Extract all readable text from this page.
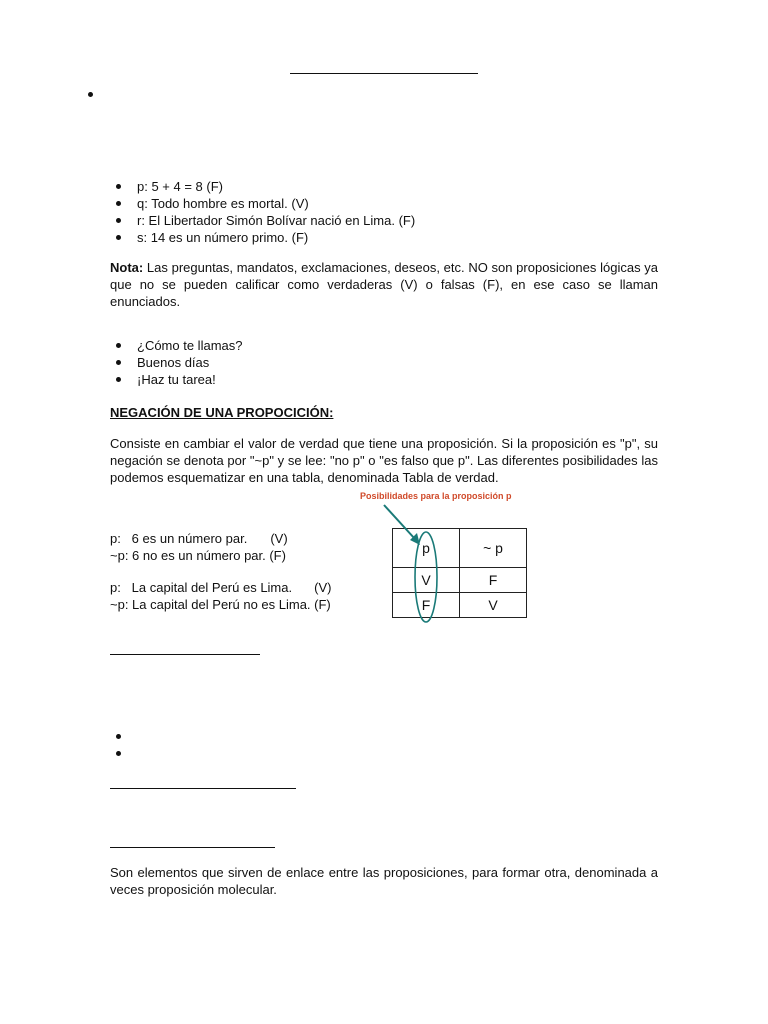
p: 5 + 4 = 8 (F)
q: Todo hombre es mortal. (V)
r: El Libertador Simón Bolívar nació en Lima. (F)
s: 14 es un número primo. (F)
Nota: Las preguntas, mandatos, exclamaciones, deseos, etc. NO son proposiciones lógicas ya que no se pueden calificar como verdaderas (V) o falsas (F), en ese caso se llaman enunciados.
¿Cómo te llamas?
Buenos días
¡Haz tu tarea!
NEGACIÓN DE UNA PROPOCICIÓN:
Consiste en cambiar el valor de verdad que tiene una proposición. Si la proposición es "p", su negación se denota por "~p" y se lee: "no p" o "es falso que p". Las diferentes posibilidades las podemos esquematizar en una tabla, denominada Tabla de verdad.
p:   6 es un número par. (V)
~p: 6 no es un número par. (F)
p:   La capital del Perú es Lima. (V)
~p: La capital del Perú no es Lima. (F)
Posibilidades para la proposición p
p	~ p
V	F
F	V
Son elementos que sirven de enlace entre las proposiciones, para formar otra, denominada a veces proposición molecular.
